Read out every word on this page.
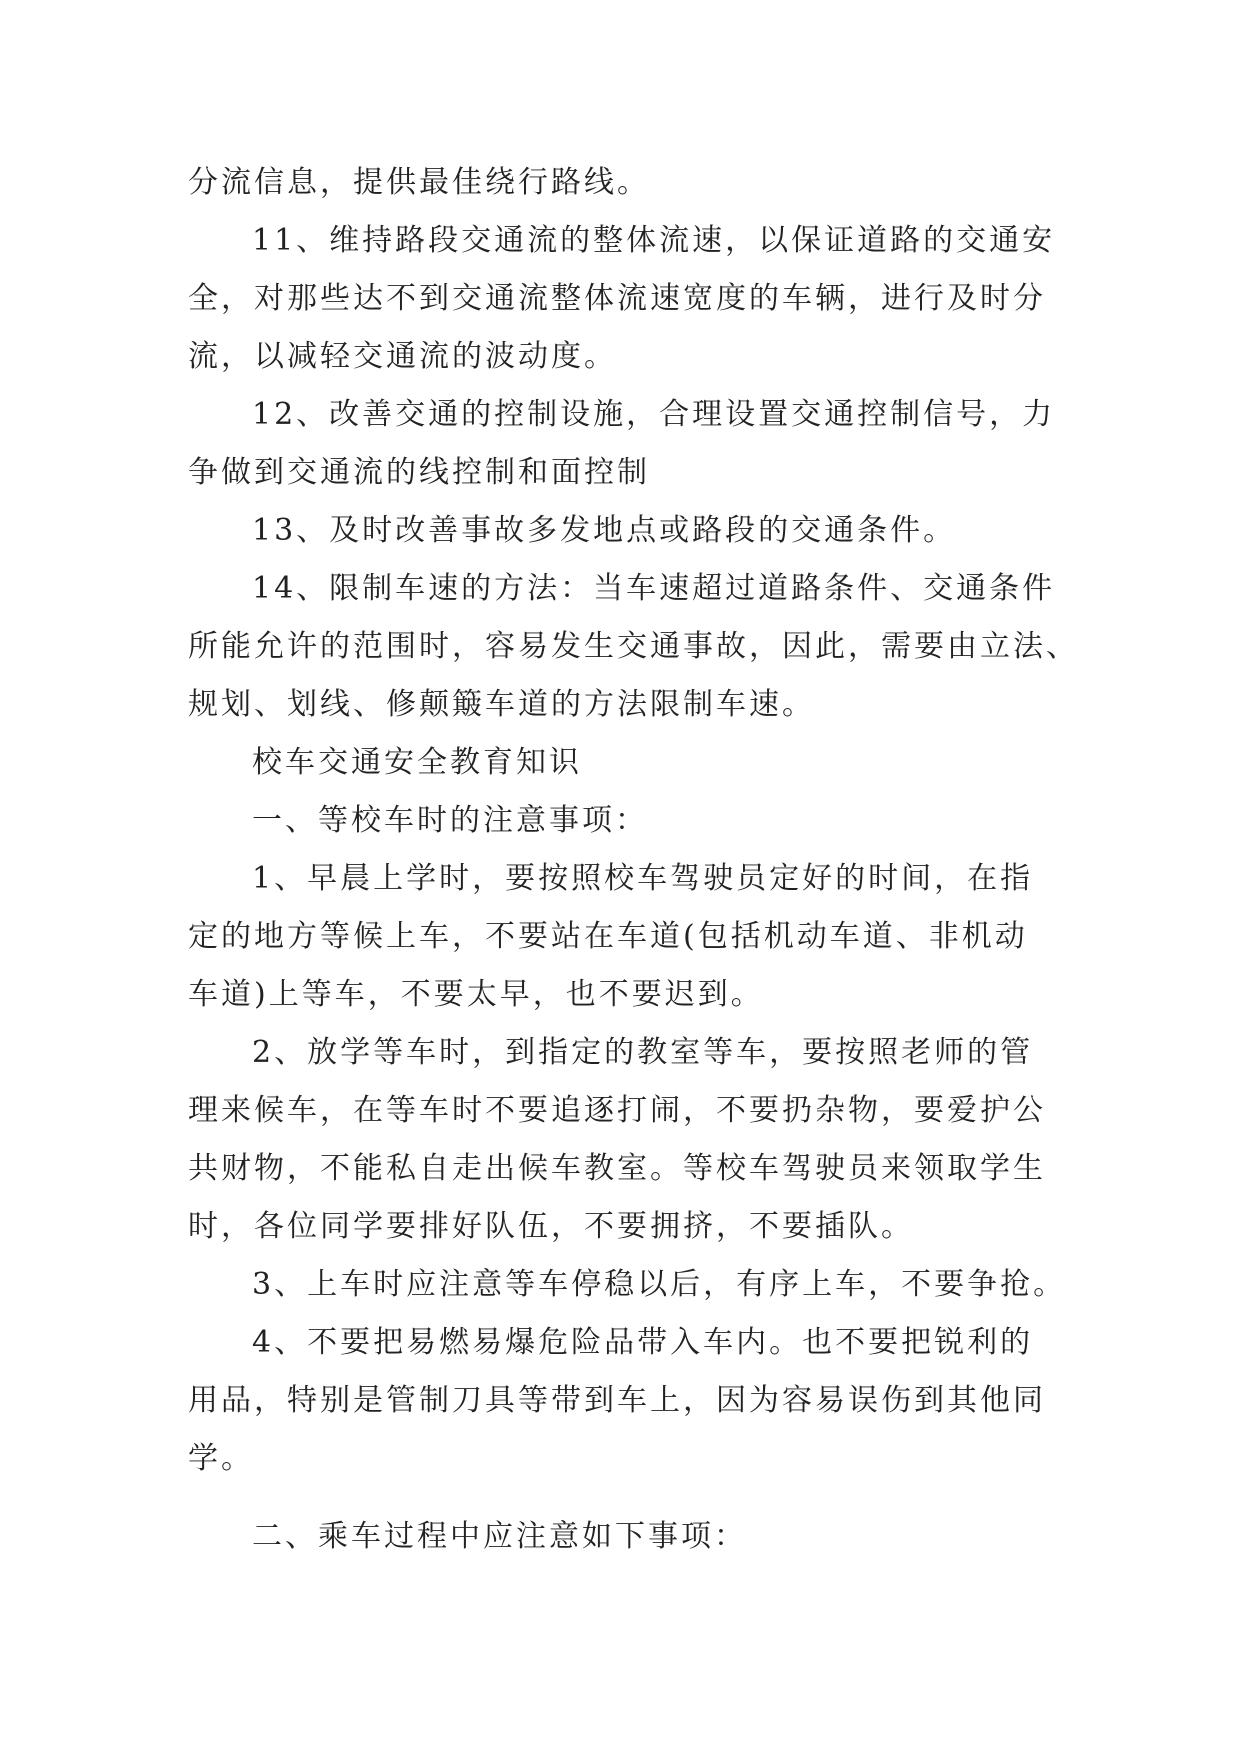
分流信息，提供最佳绕行路线。
11、维持路段交通流的整体流速，以保证道路的交通安
全，对那些达不到交通流整体流速宽度的车辆，进行及时分
流，以减轻交通流的波动度。
12、改善交通的控制设施，合理设置交通控制信号，力
争做到交通流的线控制和面控制
13、及时改善事故多发地点或路段的交通条件。
14、限制车速的方法：当车速超过道路条件、交通条件
所能允许的范围时，容易发生交通事故，因此，需要由立法、
规划、划线、修颠簸车道的方法限制车速。
校车交通安全教育知识
一、等校车时的注意事项：
1、早晨上学时，要按照校车驾驶员定好的时间，在指
定的地方等候上车，不要站在车道(包括机动车道、非机动
车道)上等车，不要太早，也不要迟到。
2、放学等车时，到指定的教室等车，要按照老师的管
理来候车，在等车时不要追逐打闹，不要扔杂物，要爱护公
共财物，不能私自走出候车教室。等校车驾驶员来领取学生
时，各位同学要排好队伍，不要拥挤，不要插队。
3、上车时应注意等车停稳以后，有序上车，不要争抢。
4、不要把易燃易爆危险品带入车内。也不要把锐利的
用品，特别是管制刀具等带到车上，因为容易误伤到其他同
学。
二、乘车过程中应注意如下事项：
